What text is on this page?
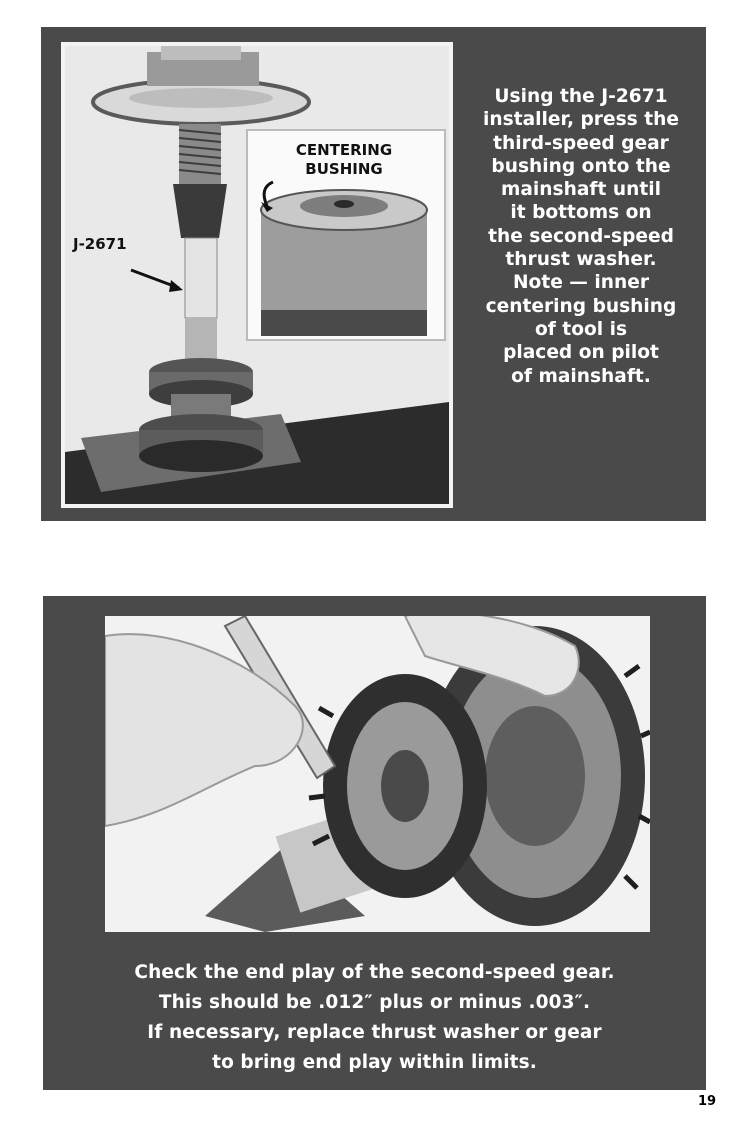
J-2671
CENTERING
BUSHING
Using the J-2671
installer, press the
third-speed gear
bushing onto the
mainshaft until
it bottoms on
the second-speed
thrust washer.
Note — inner
centering bushing
of tool is
placed on pilot
of mainshaft.
Check the end play of the second-speed gear.
This should be .012″ plus or minus .003″.
If necessary, replace thrust washer or gear
to bring end play within limits.
19
